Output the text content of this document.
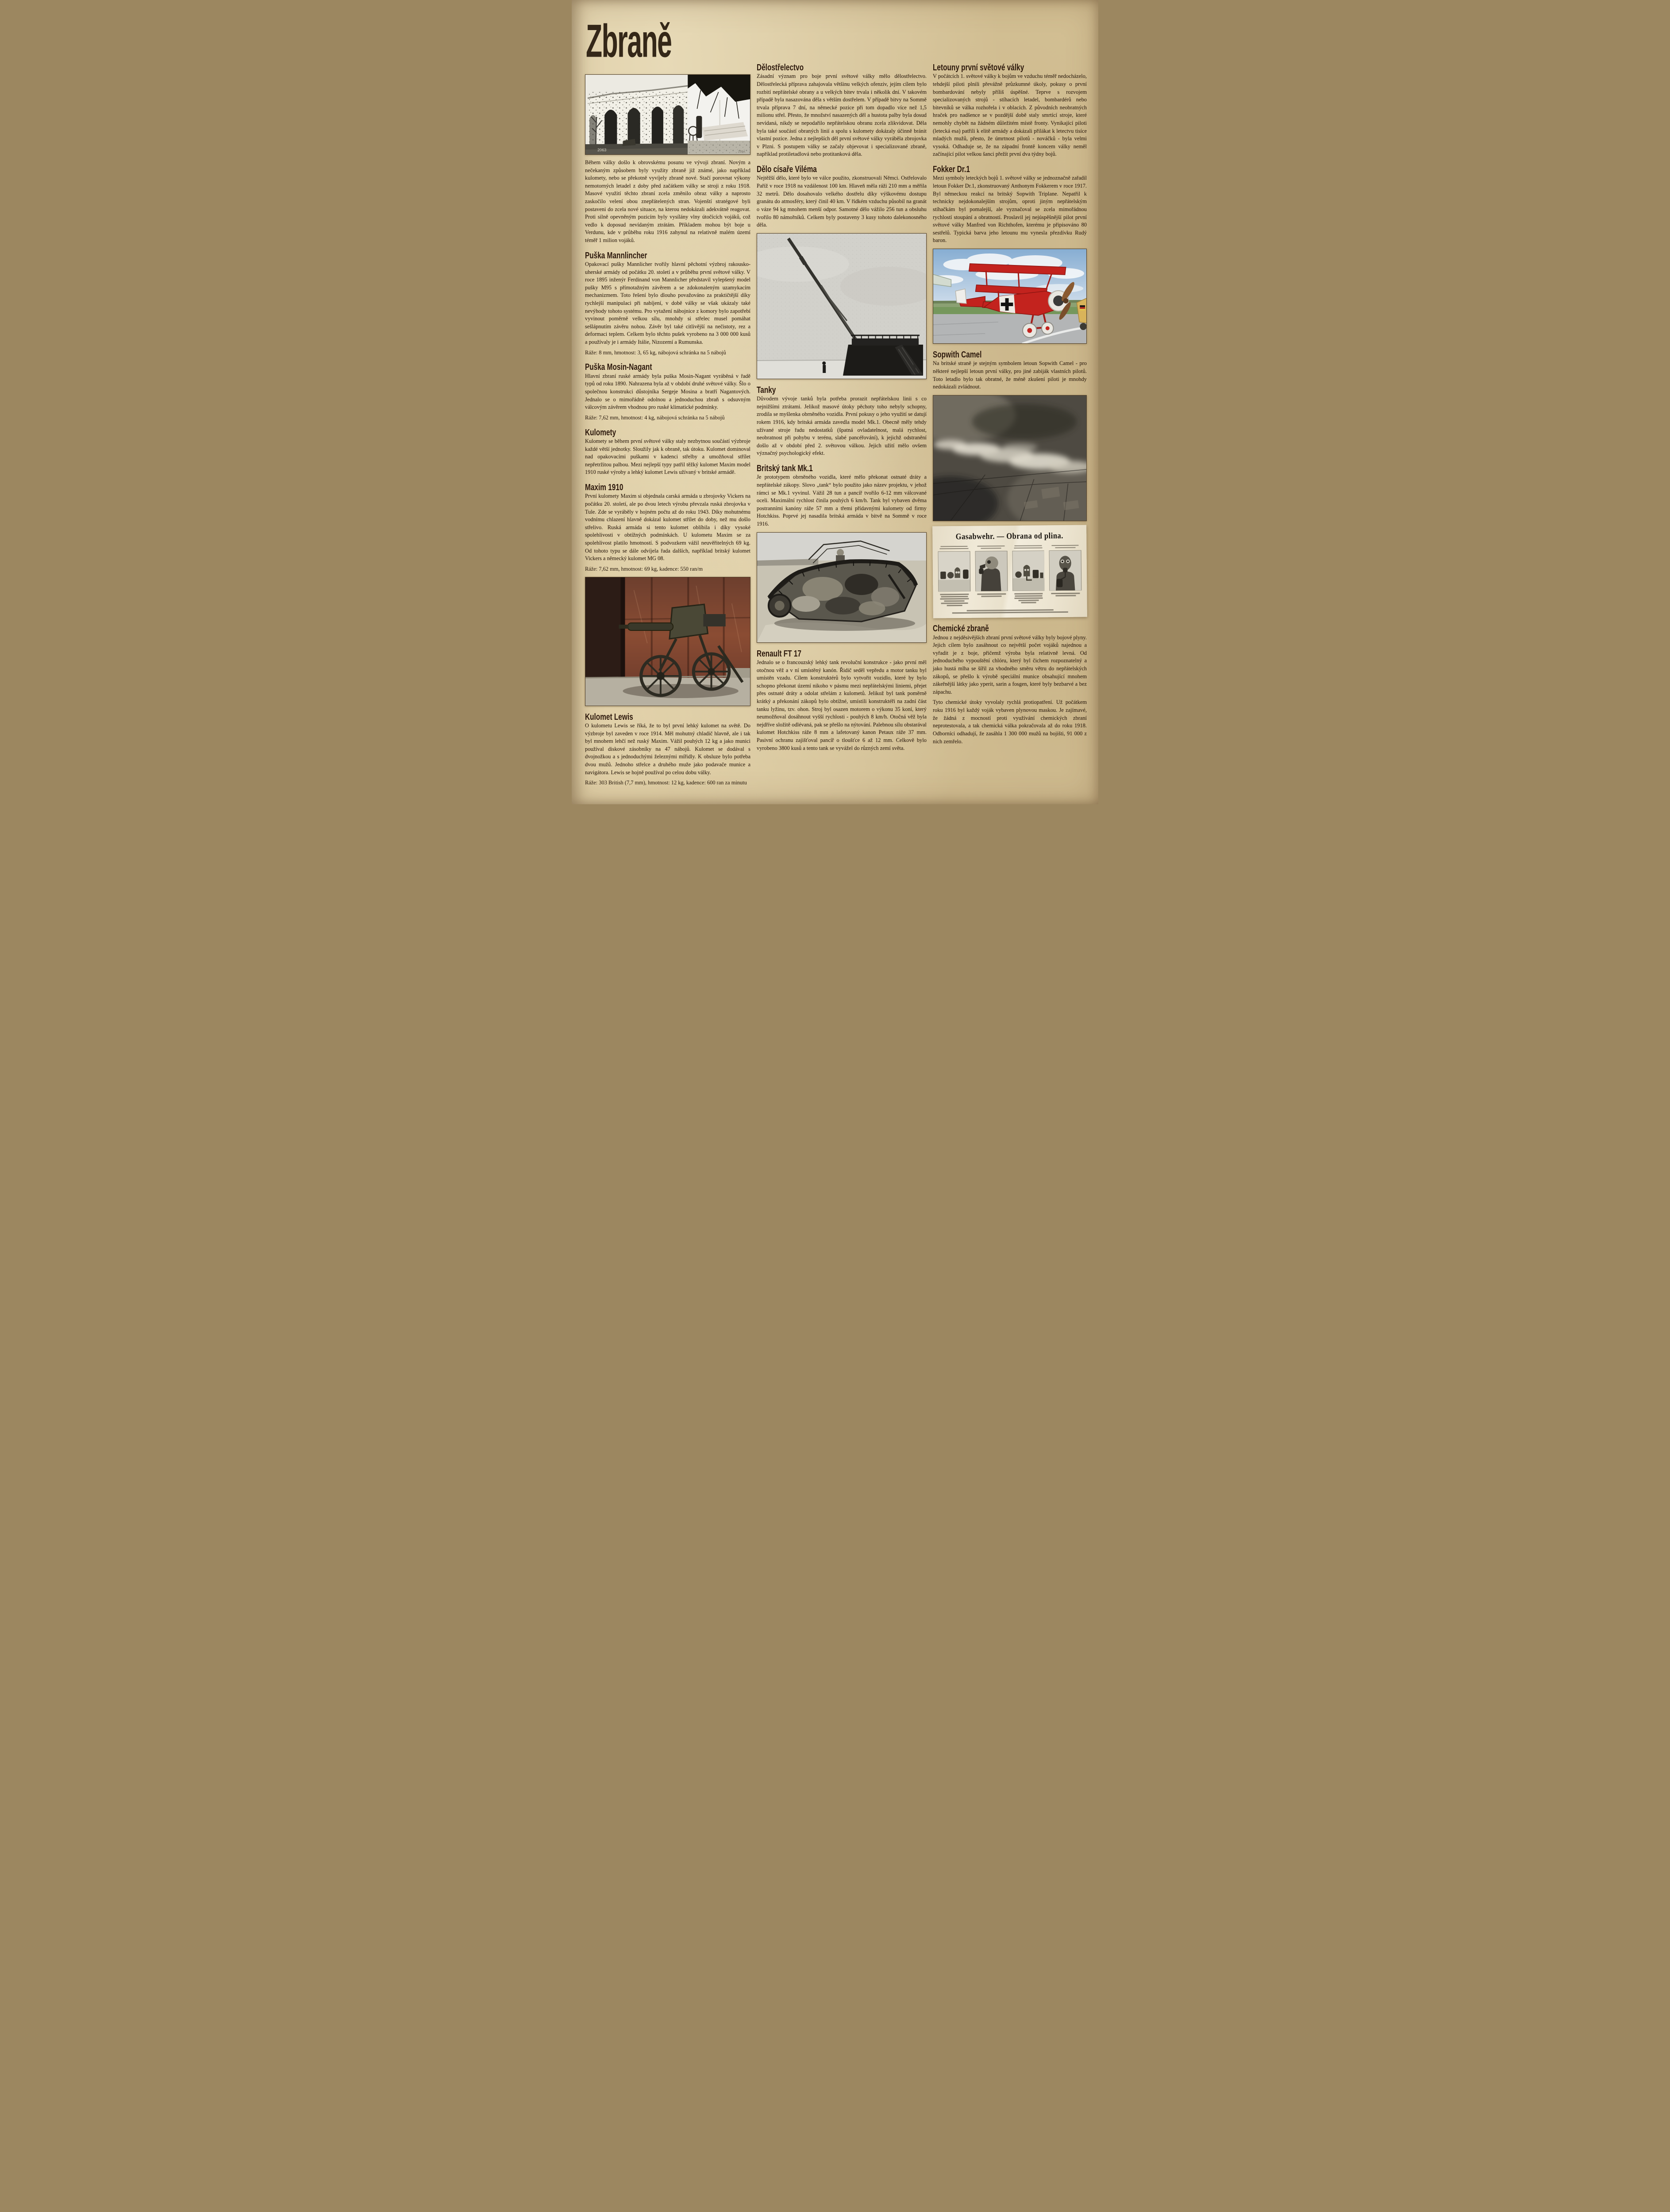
Zbraně
2063	2394.

Během války došlo k obrovskému posunu ve vývoji zbraní. Novým a nečekaným způsobem byly využity zbraně již známé, jako například kulomety, nebo se překotně vyvíjely zbraně nové. Stačí porovnat výkony nemotorných letadel z doby před začátkem války se stroji z roku 1918. Masové využití těchto zbraní zcela změnilo obraz války a naprosto zaskočilo velení obou znepřátelených stran. Vojenští stratégové byli postaveni do zcela nové situace, na kterou nedokázali adekvátně reagovat. Proti silně opevněným pozicím byly vysílány vlny útočících vojáků, což vedlo k doposud nevídaným ztrátám. Příkladem mohou být boje u Verdunu, kde v průběhu roku 1916 zahynul na relativně malém území téměř 1 milion vojáků.

Puška Mannlincher

Opakovací pušky Mannlicher tvořily hlavní pěchotní výzbroj rakousko-uherské armády od počátku 20. století a v průběhu první světové války. V roce 1895 inženýr Ferdinand von Mannlicher představil vylepšený model pušky M95 s přímotažným závěrem a se zdokonaleným uzamykacím mechanizmem. Toto řešení bylo dlouho považováno za praktičtější díky rychlejší manipulaci při nabíjení, v době války se však ukázaly také nevýhody tohoto systému. Pro vytažení nábojnice z komory bylo zapotřebí vyvinout poměrně velkou sílu, mnohdy si střelec musel pomáhat sešlápnutím závěru nohou. Závěr byl také citlivější na nečistoty, rez a deformaci teplem. Celkem bylo těchto pušek vyrobeno na 3 000 000 kusů a používaly je i armády Itálie, Nizozemí a Rumunska.

Ráže: 8 mm, hmotnost: 3, 65 kg, nábojová schránka na 5 nábojů

Puška Mosin-Nagant

Hlavní zbraní ruské armády byla puška Mosin-Nagant vyráběná v řadě typů od roku 1890. Nahrazena byla až v období druhé světové války. Šlo o společnou konstrukci důstojníka Sergeje Mosina a bratří Nagantových. Jednalo se o mimořádně odolnou a jednoduchou zbraň s odsuvným válcovým závěrem vhodnou pro ruské klimatické podmínky.

Ráže: 7,62 mm, hmotnost: 4 kg, nábojová schránka na 5 nábojů

Kulomety

Kulomety se během první světové války staly nezbytnou součástí výzbroje každé větší jednotky. Sloužily jak k obraně, tak útoku. Kulomet dominoval nad opakovacími puškami v kadenci střelby a umožňoval střílet nepřetržitou palbou. Mezi nejlepší typy patřil těžký kulomet Maxim model 1910 ruské výroby a lehký kulomet Lewis užívaný v britské armádě.

Maxim 1910

První kulomety Maxim si objednala carská armáda u zbrojovky Vickers na počátku 20. století, ale po dvou letech výrobu převzala ruská zbrojovka v Tule. Zde se vyráběly v hojném počtu až do roku 1943. Díky mohutnému vodnímu chlazení hlavně dokázal kulomet střílet do doby, než mu došlo střelivo. Ruská armáda si tento kulomet oblíbila i díky vysoké spolehlivosti v obtížných podmínkách. U kulometu Maxim se za spolehlivost platilo hmotností. S podvozkem vážil neuvěřitelných 69 kg. Od tohoto typu se dále odvíjela řada dalších, například britský kulomet Vickers a německý kulomet MG 08.

Ráže: 7,62 mm, hmotnost: 69 kg, kadence: 550 ran/m

Kulomet Lewis

O kulometu Lewis se říká, že to byl první lehký kulomet na světě. Do výzbroje byl zaveden v roce 1914. Měl mohutný chladič hlavně, ale i tak byl mnohem lehčí než ruský Maxim. Vážil pouhých 12 kg a jako munici používal diskové zásobníky na 47 nábojů. Kulomet se dodával s dvojnožkou a s jednoduchými železnými mířidly. K obsluze bylo potřeba dvou mužů. Jednoho střelce a druhého muže jako podavače munice a navigátora. Lewis se hojně používal po celou dobu války.

Ráže: 303 British (7,7 mm), hmotnost: 12 kg, kadence: 600 ran za minutu

Dělostřelectvo

Zásadní význam pro boje první světové války mělo dělostřelectvo. Dělostřelecká příprava zahajovala většinu velkých ofenziv, jejím cílem bylo rozbití nepřátelské obrany a u velkých bitev trvala i několik dní. V takovém případě byla nasazována děla s větším dostřelem. V případě bitvy na Sommě trvala příprava 7 dní, na německé pozice při tom dopadlo více než 1,5 milionu střel. Přesto, že množství nasazených děl a hustota palby byla dosud nevídaná, nikdy se nepodařilo nepřátelskou obranu zcela zlikvidovat. Děla byla také součástí obraných linií a spolu s kulomety dokázaly účinně bránit vlastní pozice. Jedna z nejlepších děl první světové války vyráběla zbrojovka v Plzni. S postupem války se začaly objevovat i specializované zbraně, například protiletadlová nebo protitanková děla.

Dělo císaře Viléma

Nejtěžší dělo, které bylo ve válce použito, zkonstruovali Němci. Ostřelovalo Paříž v roce 1918 na vzdálenost 100 km. Hlaveň měla ráži 210 mm a měřila 32 metrů. Dělo dosahovalo velkého dostřelu díky výškovému dostupu granátu do atmosféry, který činil 40 km. V řídkém vzduchu působil na granát o váze 94 kg mnohem menší odpor. Samotné dělo vážilo 256 tun a obsluhu tvořilo 80 námořníků. Celkem byly postaveny 3 kusy tohoto dalekonosného děla.

Tanky

Důvodem vývoje tanků byla potřeba prorazit nepřátelskou linii s co nejnižšími ztrátami. Jelikož masové útoky pěchoty toho nebyly schopny, zrodila se myšlenka obrněného vozidla. První pokusy o jeho využití se datují rokem 1916, kdy britská armáda zavedla model Mk.1. Obecně měly tehdy užívané stroje řadu nedostatků (špatná ovladatelnost, malá rychlost, neobratnost při pohybu v terénu, slabé pancéřování), k jejichž odstranění došlo až v období před 2. světovou válkou. Jejich užití mělo ovšem význačný psychologický efekt.

Britský tank Mk.1

Je prototypem obrněného vozidla, které mělo překonat ostnaté dráty a nepřátelské zákopy. Slovo „tank“ bylo použito jako název projektu, v jehož rámci se Mk.1 vyvinul. Vážil 28 tun a pancíř tvořilo 6-12 mm válcované oceli. Maximální rychlost činila pouhých 6 km/h. Tank byl vybaven dvěma postranními kanóny ráže 57 mm a třemi přídavnými kulomety od firmy Hotchkiss. Poprvé jej nasadila britská armáda v bitvě na Sommě v roce 1916.

Renault FT 17

Jednalo se o francouzský lehký tank revoluční konstrukce - jako první měl otočnou věž a v ní umístěný kanón. Řidič seděl vepředu a motor tanku byl umístěn vzadu. Cílem konstruktérů bylo vytvořit vozidlo, které by bylo schopno překonat území nikoho v pásmu mezi nepřátelskými liniemi, přejet přes ostnaté dráty a odolat střelám z kulometů. Jelikož byl tank poměrně krátký a překonání zákopů bylo obtížné, umístili konstruktéři na zadní část tanku lyžinu, tzv. ohon. Stroj byl osazen motorem o výkonu 35 koní, který neumožňoval dosáhnout vyšší rychlosti - pouhých 8 km/h. Otočná věž byla nejdříve složitě odlévaná, pak se přešlo na nýtování. Palebnou sílu obstarával kulomet Hotchkiss ráže 8 mm a lafetovaný kanon Petaux ráže 37 mm. Pasivní ochranu zajišťoval pancíř o tloušťce 6 až 12 mm. Celkově bylo vyrobeno 3800 kusů a tento tank se vyvážel do různých zemí světa.

Letouny první světové války

V počátcích 1. světové války k bojům ve vzduchu téměř nedocházelo, tehdejší piloti plnili převážně průzkumné úkoly, pokusy o první bombardování nebyly příliš úspěšné. Teprve s rozvojem specializovaných strojů - stíhacích letadel, bombardérů nebo bitevníků se válka rozhořela i v oblacích. Z původních neobratných hraček pro nadšence se v pozdější době staly smrtící stroje, které nemohly chybět na žádném důležitém místě fronty. Vynikající piloti (letecká esa) patřili k elitě armády a dokázali přilákat k letectvu tisíce mladých mužů, přesto, že úmrtnost pilotů - nováčků - byla velmi vysoká. Odhaduje se, že na západní frontě koncem války neměl začínající pilot velkou šanci přežít první dva týdny bojů.

Fokker Dr.1

Mezi symboly leteckých bojů 1. světové války se jednoznačně zařadil letoun Fokker Dr.1, zkonstruovaný Anthonym Fokkerem v roce 1917. Byl německou reakcí na britský Sopwith Triplane. Nepatřil k technicky nejdokonalejším strojům, oproti jiným nepřátelským stíhačkám byl pomalejší, ale vyznačoval se zcela mimořádnou rychlostí stoupání a obratností. Proslavil jej nejúspěšnější pilot první světové války Manfred von Richthofen, kterému je připisováno 80 sestřelů. Typická barva jeho letounu mu vynesla přezdívku Rudý baron.

Sopwith Camel

Na britské straně je stejným symbolem letoun Sopwith Camel - pro některé nejlepší letoun první války, pro jiné zabiják vlastních pilotů. Toto letadlo bylo tak obratné, že méně zkušení piloti je mnohdy nedokázali zvládnout.

Gasabwehr. — Obrana od plina.
Chemické zbraně

Jednou z nejděsivějších zbraní první světové války byly bojové plyny. Jejich cílem bylo zasáhnout co největší počet vojáků najednou a vyřadit je z boje, přičemž výroba byla relativně levná. Od jednoduchého vypouštění chlóru, který byl čichem rozpoznatelný a jako hustá mlha se šířil za vhodného směru větru do nepřátelských zákopů, se přešlo k výrobě speciální munice obsahující mnohem zákeřnější látky jako yperit, sarin a fosgen, které byly bezbarvé a bez zápachu.

Tyto chemické útoky vyvolaly rychlá protiopatření. Už počátkem roku 1916 byl každý voják vybaven plynovou maskou. Je zajímavé, že žádná z mocností proti využívání chemických zbraní neprotestovala, a tak chemická válka pokračovala až do roku 1918. Odborníci odhadují, že zasáhla 1 300 000 mužů na bojišti, 91 000 z nich zemřelo.
